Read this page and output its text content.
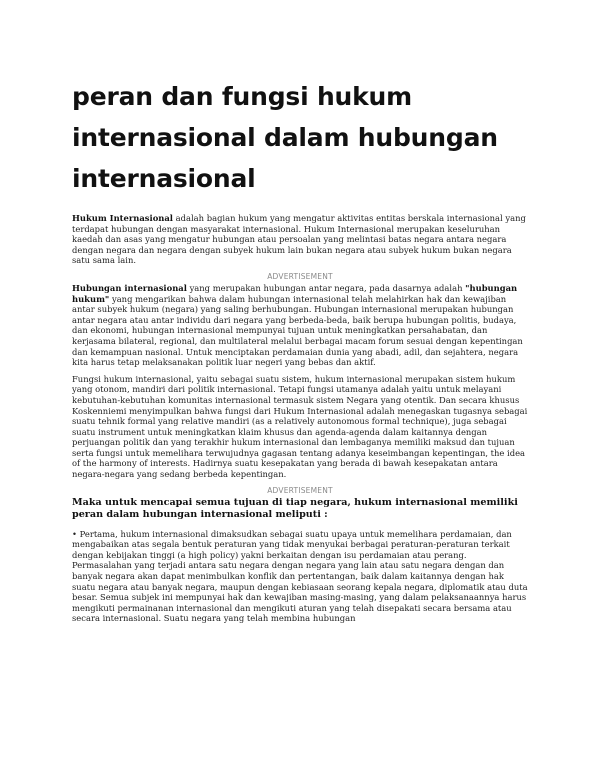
peran dan fungsi hukum internasional dalam hubungan internasional

Hukum Internasional adalah bagian hukum yang mengatur aktivitas entitas berskala internasional yang terdapat hubungan dengan masyarakat internasional. Hukum Internasional merupakan keseluruhan kaedah dan asas yang mengatur hubungan atau persoalan yang melintasi batas negara antara negara dengan negara dan negara dengan subyek hukum lain bukan negara atau subyek hukum bukan negara satu sama lain.

ADVERTISEMENT

Hubungan internasional yang merupakan hubungan antar negara, pada dasarnya adalah "hubungan hukum" yang mengarikan bahwa dalam hubungan internasional telah melahirkan hak dan kewajiban antar subyek hukum (negara) yang saling berhubungan. Hubungan internasional merupakan hubungan antar negara atau antar individu dari negara yang berbeda-beda, baik berupa hubungan politis, budaya, dan ekonomi, hubungan internasional mempunyai tujuan untuk meningkatkan persahabatan, dan kerjasama bilateral, regional, dan multilateral melalui berbagai macam forum sesuai dengan kepentingan dan kemampuan nasional. Untuk menciptakan perdamaian dunia yang abadi, adil, dan sejahtera, negara kita harus tetap melaksanakan politik luar negeri yang bebas dan aktif.

Fungsi hukum internasional, yaitu sebagai suatu sistem, hukum internasional merupakan sistem hukum yang otonom, mandiri dari politik internasional. Tetapi fungsi utamanya adalah yaitu untuk melayani kebutuhan-kebutuhan komunitas internasional termasuk sistem Negara yang otentik. Dan secara khusus Koskenniemi menyimpulkan bahwa fungsi dari Hukum Internasional adalah menegaskan tugasnya sebagai suatu tehnik formal yang relative mandiri (as a relatively autonomous formal technique), juga sebagai suatu instrument untuk meningkatkan klaim khusus dan agenda-agenda dalam kaitannya dengan perjuangan politik dan yang terakhir hukum internasional dan lembaganya memiliki maksud dan tujuan serta fungsi untuk memelihara terwujudnya gagasan tentang adanya keseimbangan kepentingan, the idea of the harmony of interests. Hadirnya suatu kesepakatan yang berada di bawah kesepakatan antara negara-negara yang sedang berbeda kepentingan.

ADVERTISEMENT
Maka untuk mencapai semua tujuan di tiap negara, hukum internasional memiliki peran dalam hubungan internasional meliputi :

• Pertama, hukum internasional dimaksudkan sebagai suatu upaya untuk memelihara perdamaian, dan mengabaikan atas segala bentuk peraturan yang tidak menyukai berbagai peraturan-peraturan terkait dengan kebijakan tinggi (a high policy) yakni berkaitan dengan isu perdamaian atau perang. Permasalahan yang terjadi antara satu negara dengan negara yang lain atau satu negara dengan dan banyak negara akan dapat menimbulkan konflik dan pertentangan, baik dalam kaitannya dengan hak suatu negara atau banyak negara, maupun dengan kebiasaan seorang kepala negara, diplomatik atau duta besar. Semua subjek ini mempunyai hak dan kewajiban masing-masing, yang dalam pelaksanaannya harus mengikuti permainanan internasional dan mengikuti aturan yang telah disepakati secara bersama atau secara internasional. Suatu negara yang telah membina hubungan
